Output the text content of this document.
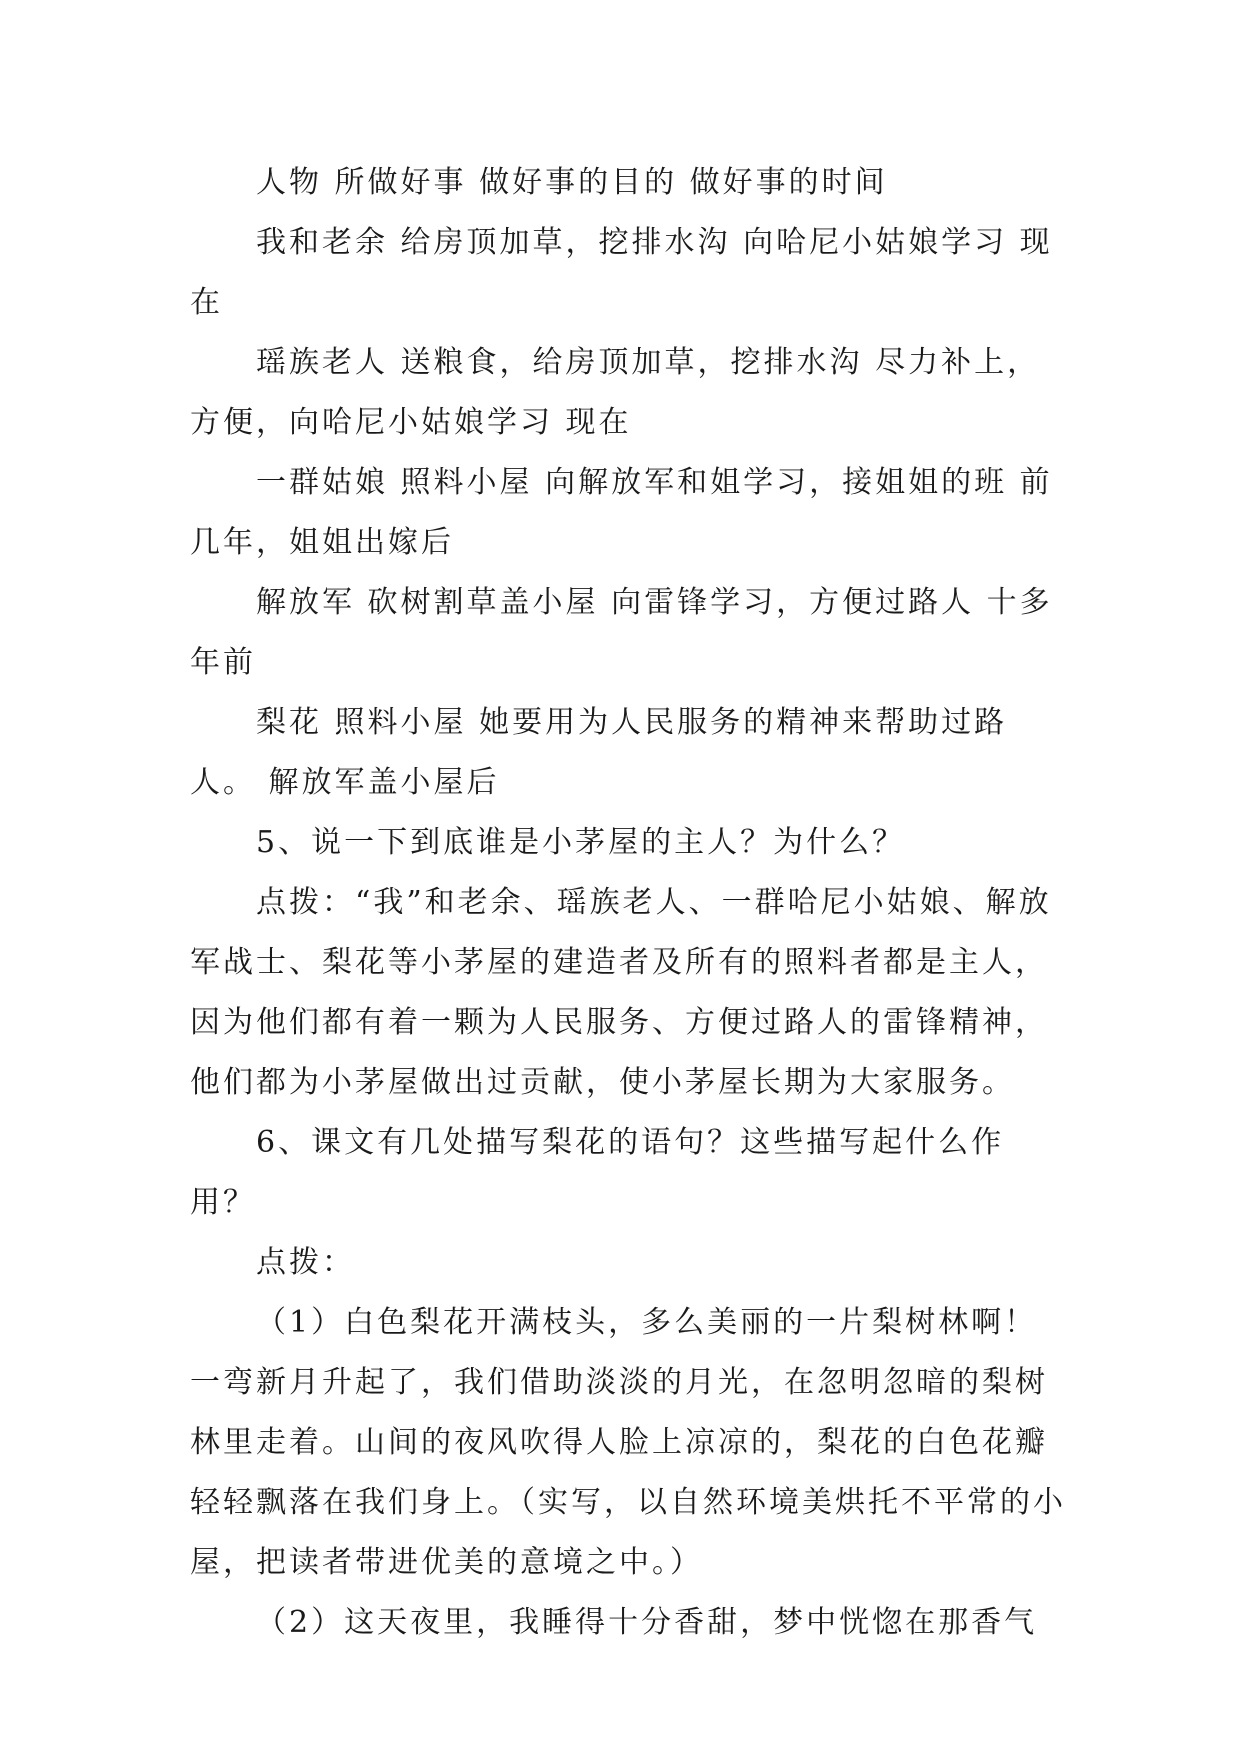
人物 所做好事 做好事的目的 做好事的时间

我和老余 给房顶加草，挖排水沟 向哈尼小姑娘学习 现在

瑶族老人 送粮食，给房顶加草，挖排水沟 尽力补上，方便，向哈尼小姑娘学习 现在

一群姑娘 照料小屋 向解放军和姐学习，接姐姐的班 前几年，姐姐出嫁后

解放军 砍树割草盖小屋 向雷锋学习，方便过路人 十多年前

梨花 照料小屋 她要用为人民服务的精神来帮助过路人。 解放军盖小屋后

5、说一下到底谁是小茅屋的主人？为什么？

点拨：“我”和老余、瑶族老人、一群哈尼小姑娘、解放军战士、梨花等小茅屋的建造者及所有的照料者都是主人，因为他们都有着一颗为人民服务、方便过路人的雷锋精神，他们都为小茅屋做出过贡献，使小茅屋长期为大家服务。

6、课文有几处描写梨花的语句？这些描写起什么作用？

点拨：

（1）白色梨花开满枝头，多么美丽的一片梨树林啊！一弯新月升起了，我们借助淡淡的月光，在忽明忽暗的梨树林里走着。山间的夜风吹得人脸上凉凉的，梨花的白色花瓣轻轻飘落在我们身上。（实写，以自然环境美烘托不平常的小屋，把读者带进优美的意境之中。）

（2）这天夜里，我睡得十分香甜，梦中恍惚在那香气
